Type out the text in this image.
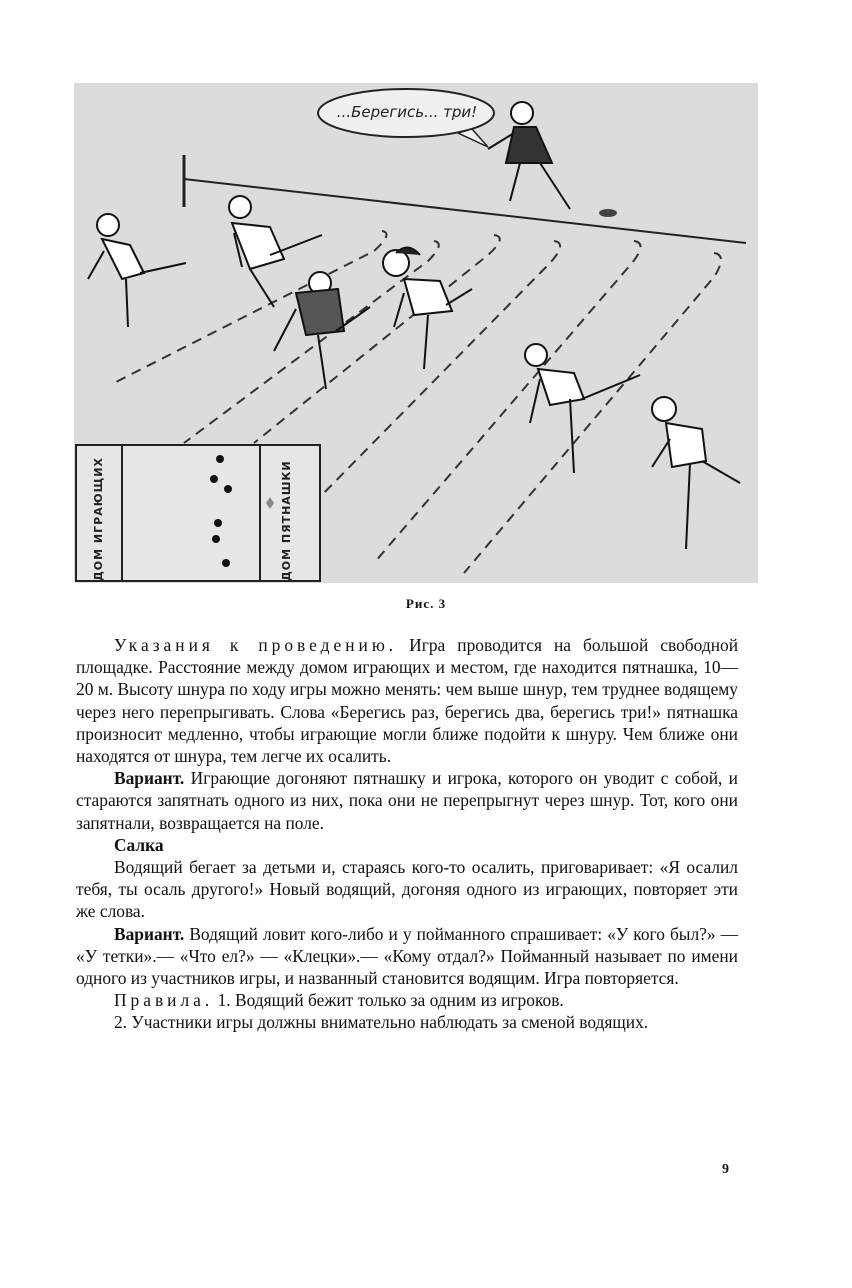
...Берегись... три!
ДОМ ИГРАЮЩИХ	ДОМ ПЯТНАШКИ
Рис. 3

Указания к проведению. Игра проводится на большой свободной площадке. Расстояние между домом играющих и местом, где находится пятнашка, 10—20 м. Высоту шнура по ходу игры можно менять: чем выше шнур, тем труднее водящему через него перепрыгивать. Слова «Берегись раз, берегись два, берегись три!» пятнашка произносит медленно, чтобы играющие могли ближе подойти к шнуру. Чем ближе они находятся от шнура, тем легче их осалить.

Вариант. Играющие догоняют пятнашку и игрока, которого он уводит с собой, и стараются запятнать одного из них, пока они не перепрыгнут через шнур. Тот, кого они запятнали, возвращается на поле.

Салка

Водящий бегает за детьми и, стараясь кого-то осалить, приговаривает: «Я осалил тебя, ты осаль другого!» Новый водящий, догоняя одного из играющих, повторяет эти же слова.

Вариант. Водящий ловит кого-либо и у пойманного спрашивает: «У кого был?» — «У тетки».— «Что ел?» — «Клецки».— «Кому отдал?» Пойманный называет по имени одного из участников игры, и названный становится водящим. Игра повторяется.

Правила. 1. Водящий бежит только за одним из игроков.

2. Участники игры должны внимательно наблюдать за сменой водящих.

9
